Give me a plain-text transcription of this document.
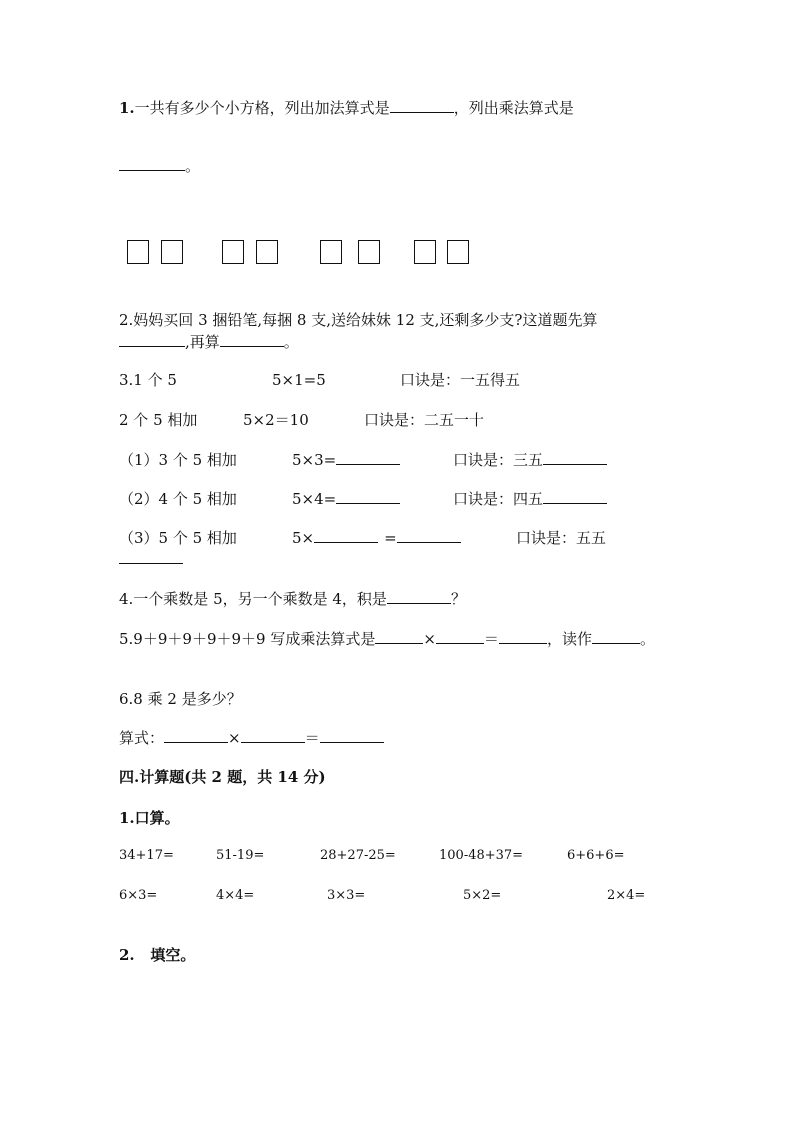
1.一共有多少个小方格，列出加法算式是	，列出乘法算式是
。
2.妈妈买回 3 捆铅笔,每捆 8 支,送给妹妹 12 支,还剩多少支?这道题先算
,再算	。
3.1 个 5	5×1=5	口诀是：一五得五
2 个 5 相加	5×2＝10	口诀是：二五一十
（1）3 个 5 相加	5×3=	口诀是：三五
（2）4 个 5 相加	5×4=	口诀是：四五
（3）5 个 5 相加	5×	=	口诀是：五五
4.一个乘数是 5，另一个乘数是 4，积是	？
5.9＋9＋9＋9＋9＋9 写成乘法算式是	×	＝	，读作	。
6.8 乘 2 是多少？
算式：	×	＝
四.计算题(共 2 题，共 14 分)
1.口算。
34+17=	51-19=	28+27-25=	100-48+37=	6+6+6=
6×3=	4×4=	3×3=	5×2=	2×4=
2.   填空。
